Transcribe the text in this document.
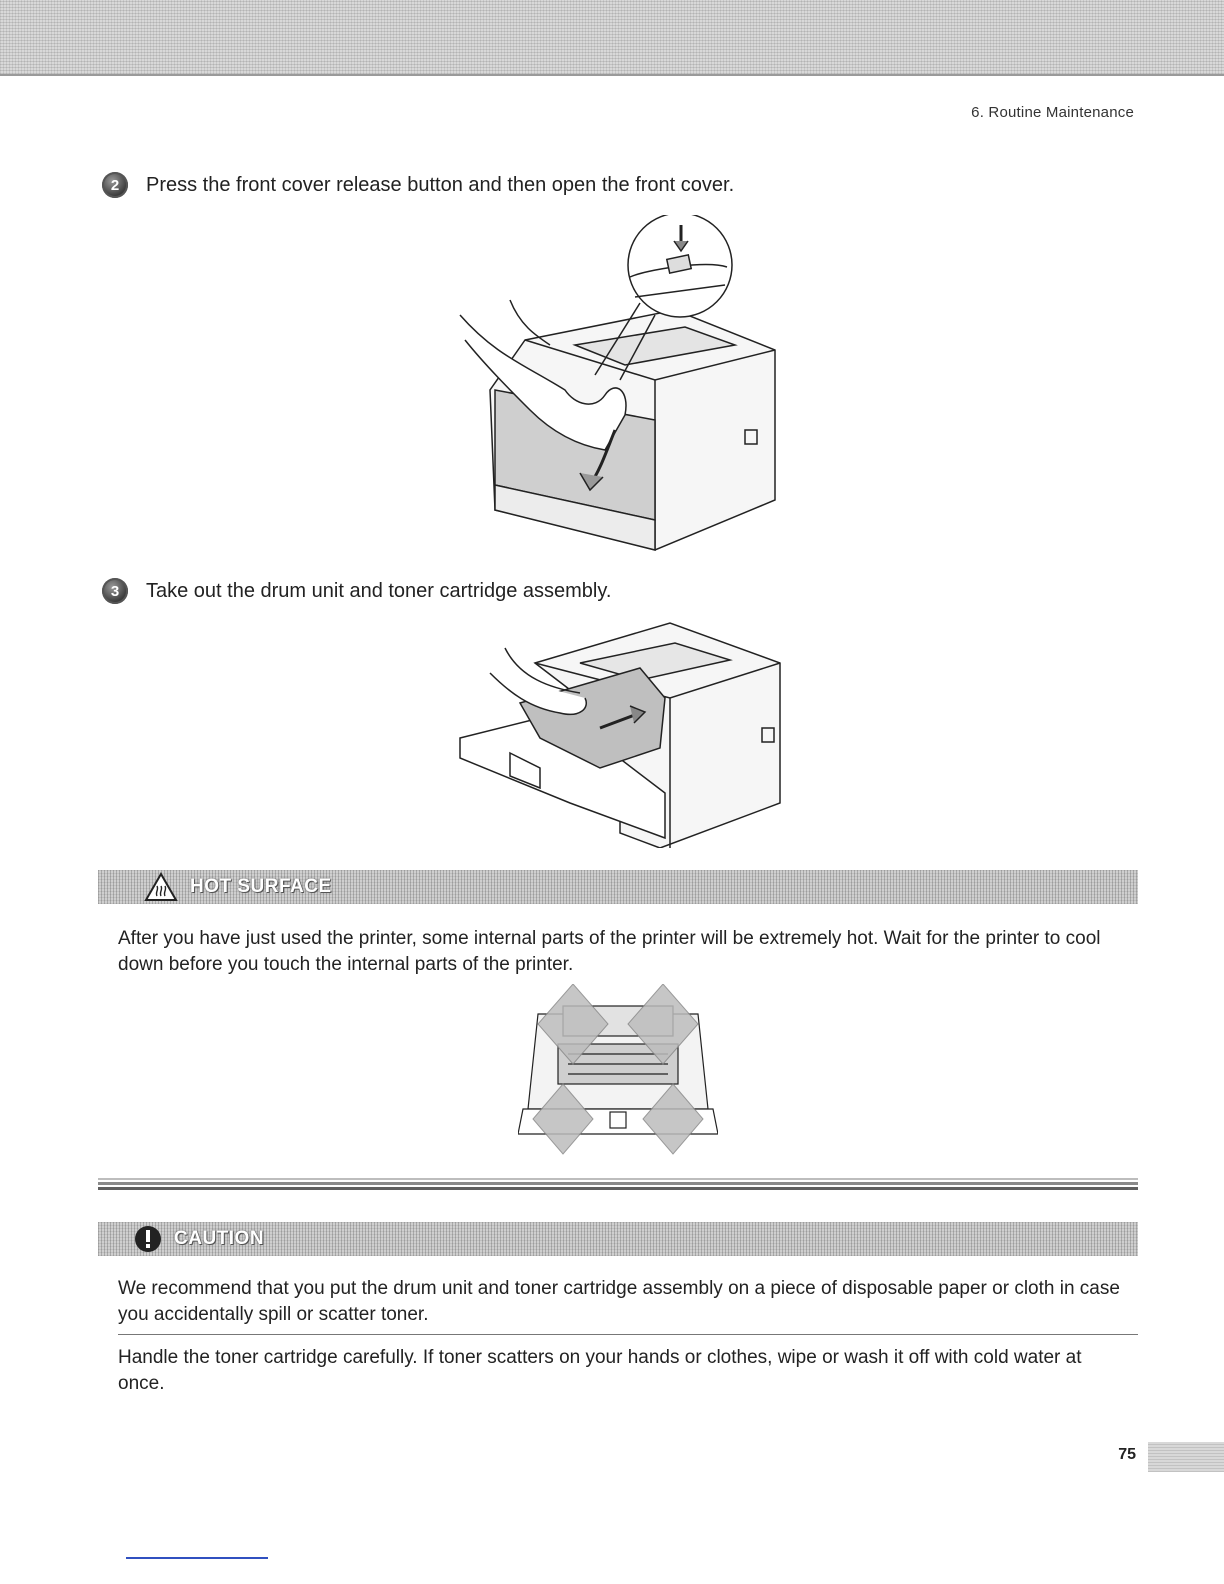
6. Routine Maintenance
2	Press the front cover release button and then open the front cover.
3	Take out the drum unit and toner cartridge assembly.
HOT SURFACE
After you have just used the printer, some internal parts of the printer will be extremely hot. Wait for the printer to cool down before you touch the internal parts of the printer.
CAUTION
We recommend that you put the drum unit and toner cartridge assembly on a piece of disposable paper or cloth in case you accidentally spill or scatter toner.
Handle the toner cartridge carefully. If toner scatters on your hands or clothes, wipe or wash it off with cold water at once.
75
